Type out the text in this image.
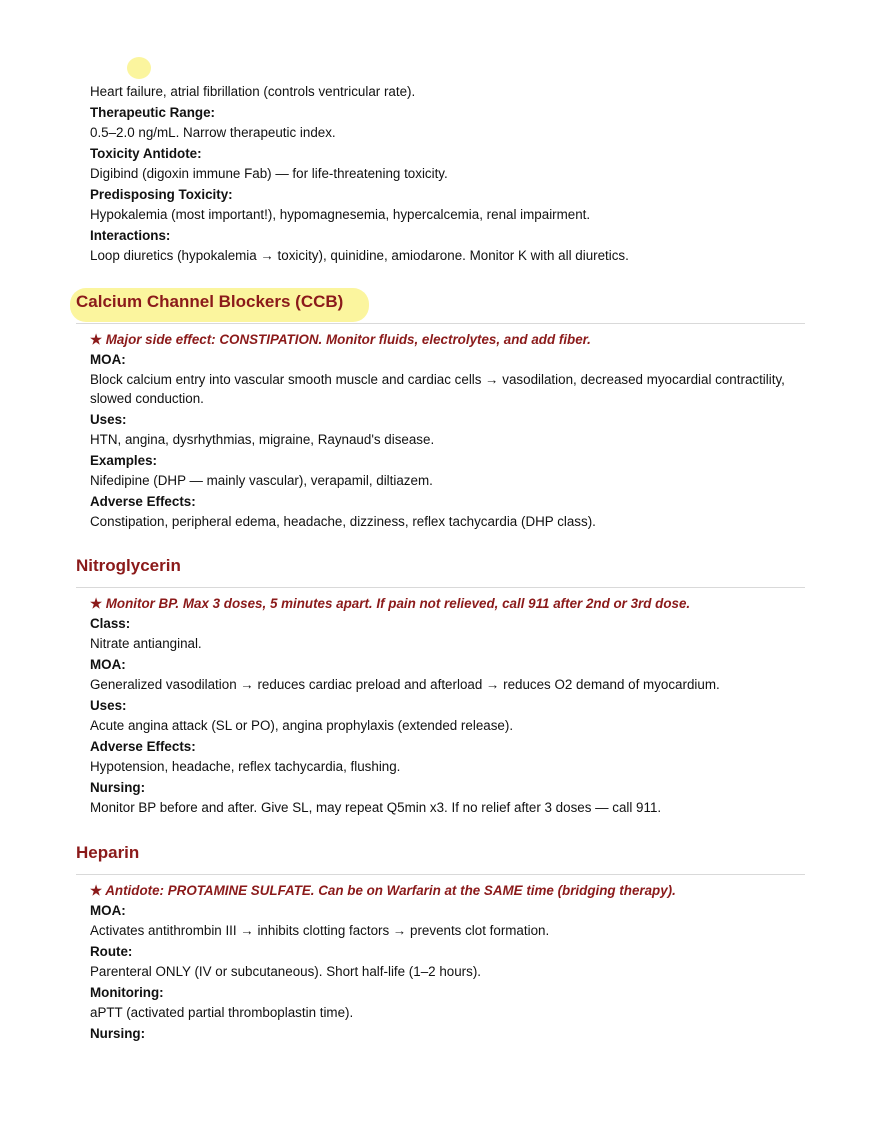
Heart failure, atrial fibrillation (controls ventricular rate).

Therapeutic Range:

0.5–2.0 ng/mL. Narrow therapeutic index.

Toxicity Antidote:

Digibind (digoxin immune Fab) — for life-threatening toxicity.

Predisposing Toxicity:

Hypokalemia (most important!), hypomagnesemia, hypercalcemia, renal impairment.

Interactions:

Loop diuretics (hypokalemia → toxicity), quinidine, amiodarone. Monitor K with all diuretics.

Calcium Channel Blockers (CCB)

★ Major side effect: CONSTIPATION. Monitor fluids, electrolytes, and add fiber.

MOA:

Block calcium entry into vascular smooth muscle and cardiac cells → vasodilation, decreased myocardial contractility, slowed conduction.

Uses:

HTN, angina, dysrhythmias, migraine, Raynaud's disease.

Examples:

Nifedipine (DHP — mainly vascular), verapamil, diltiazem.

Adverse Effects:

Constipation, peripheral edema, headache, dizziness, reflex tachycardia (DHP class).

Nitroglycerin

★ Monitor BP. Max 3 doses, 5 minutes apart. If pain not relieved, call 911 after 2nd or 3rd dose.

Class:

Nitrate antianginal.

MOA:

Generalized vasodilation → reduces cardiac preload and afterload → reduces O2 demand of myocardium.

Uses:

Acute angina attack (SL or PO), angina prophylaxis (extended release).

Adverse Effects:

Hypotension, headache, reflex tachycardia, flushing.

Nursing:

Monitor BP before and after. Give SL, may repeat Q5min x3. If no relief after 3 doses — call 911.

Heparin

★ Antidote: PROTAMINE SULFATE. Can be on Warfarin at the SAME time (bridging therapy).

MOA:

Activates antithrombin III → inhibits clotting factors → prevents clot formation.

Route:

Parenteral ONLY (IV or subcutaneous). Short half-life (1–2 hours).

Monitoring:

aPTT (activated partial thromboplastin time).

Nursing:
